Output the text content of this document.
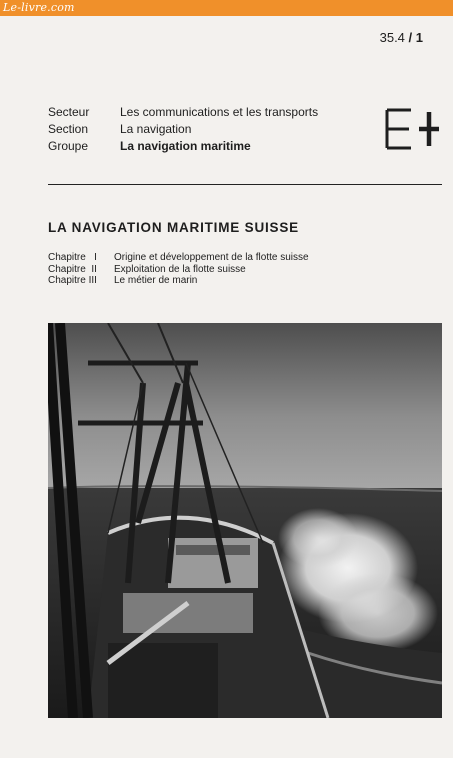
Le-livre.com
35.4 / 1
Secteur	Les communications et les transports
Section	La navigation
Groupe	La navigation maritime
LA NAVIGATION MARITIME SUISSE
Chapitre   I	Origine et développement de la flotte suisse
Chapitre  II	Exploitation de la flotte suisse
Chapitre III	Le métier de marin
